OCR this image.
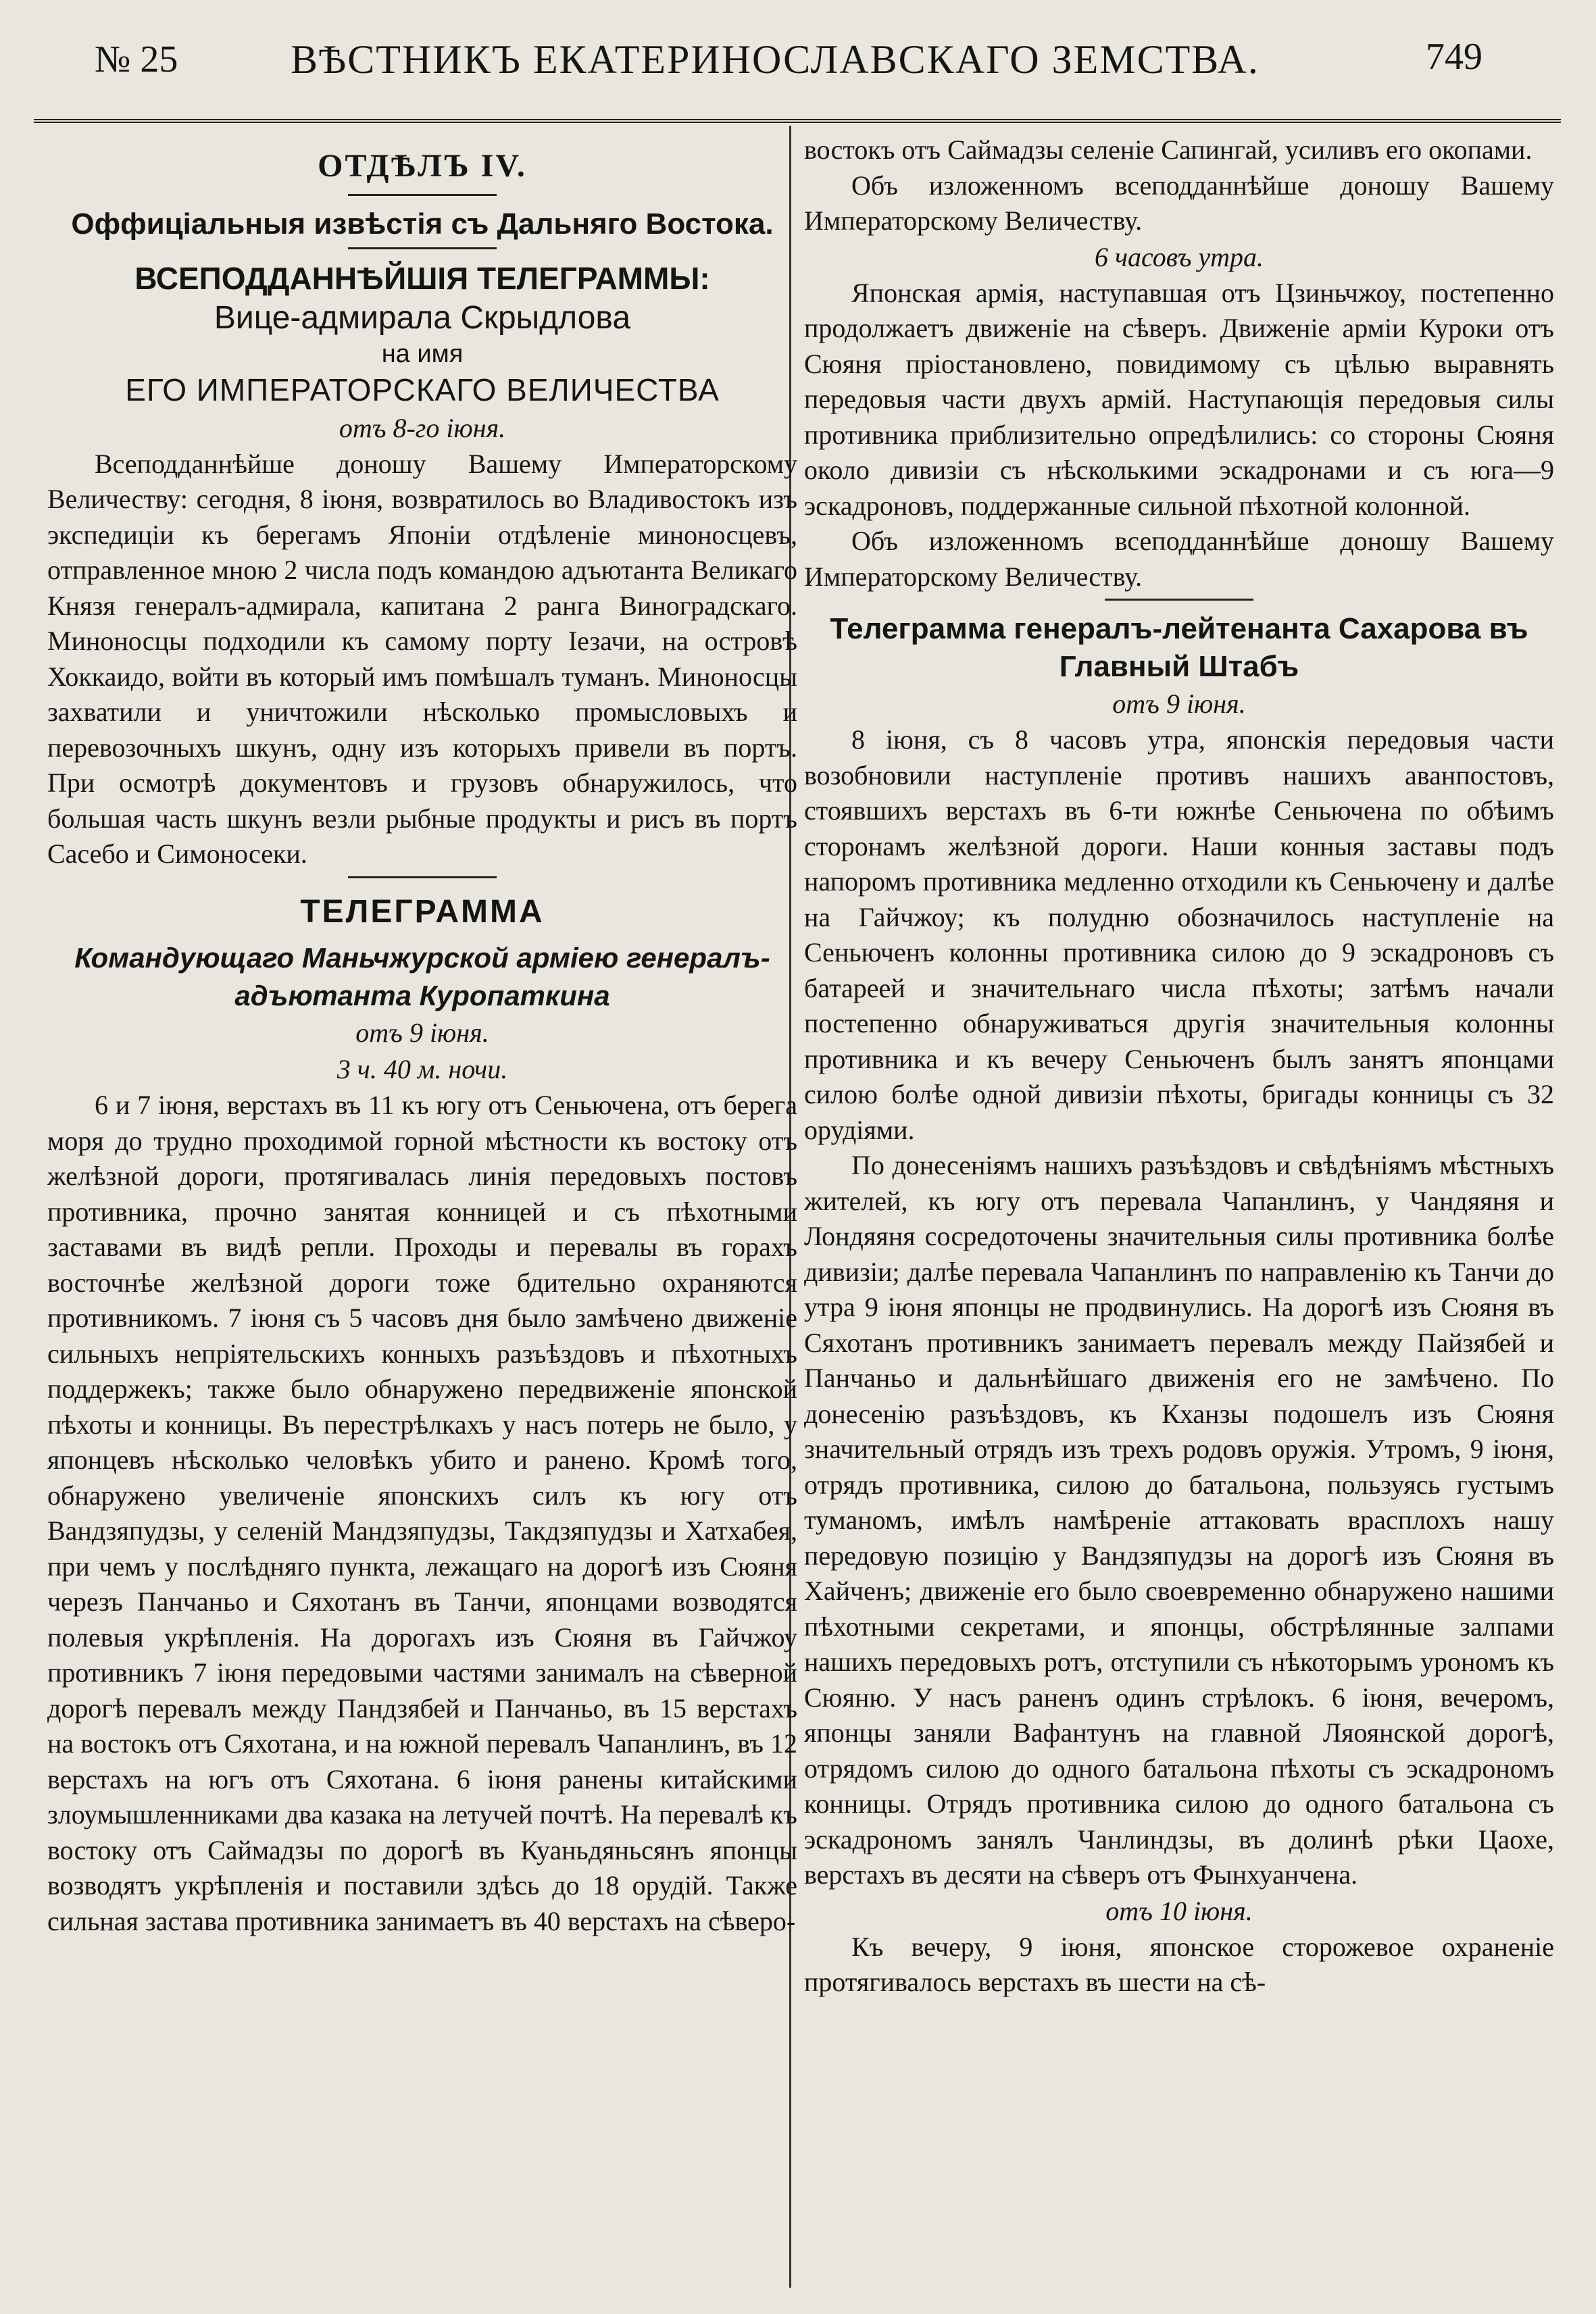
№ 25	ВѢСТНИКЪ ЕКАТЕРИНОСЛАВСКАГО ЗЕМСТВА.	749

ОТДѢЛЪ IV.

Оффиціальныя извѣстія съ Дальняго Востока.

ВСЕПОДДАННѢЙШІЯ ТЕЛЕГРАММЫ:

Вице-адмирала Скрыдлова

на имя

ЕГО ИМПЕРАТОРСКАГО ВЕЛИЧЕСТВА

отъ 8-го іюня.

Всеподданнѣйше доношу Вашему Императорскому Величеству: сегодня, 8 іюня, возвратилось во Владивостокъ изъ экспедиціи къ берегамъ Японіи отдѣленіе миноносцевъ, отправленное мною 2 числа подъ командою адъютанта Великаго Князя генералъ-адмирала, капитана 2 ранга Виноградскаго. Миноносцы подходили къ самому порту Іезачи, на островѣ Хоккаидо, войти въ который имъ помѣшалъ туманъ. Миноносцы захватили и уничтожили нѣсколько промысловыхъ и перевозочныхъ шкунъ, одну изъ которыхъ привели въ портъ. При осмотрѣ документовъ и грузовъ обнаружилось, что большая часть шкунъ везли рыбные продукты и рисъ въ портъ Сасебо и Симоносеки.

ТЕЛЕГРАММА

Командующаго Маньчжурской арміею генералъ-

адъютанта Куропаткина

отъ 9 іюня.

3 ч. 40 м. ночи.

6 и 7 іюня, верстахъ въ 11 къ югу отъ Сеньючена, отъ берега моря до трудно проходимой горной мѣстности къ востоку отъ желѣзной дороги, протягивалась линія передовыхъ постовъ противника, прочно занятая конницей и съ пѣхотными заставами въ видѣ репли. Проходы и перевалы въ горахъ восточнѣе желѣзной дороги тоже бдительно охраняются противникомъ. 7 іюня съ 5 часовъ дня было замѣчено движеніе сильныхъ непріятельскихъ конныхъ разъѣздовъ и пѣхотныхъ поддержекъ; также было обнаружено передвиженіе японской пѣхоты и конницы. Въ перестрѣлкахъ у насъ потерь не было, у японцевъ нѣсколько человѣкъ убито и ранено. Кромѣ того, обнаружено увеличеніе японскихъ силъ къ югу отъ Вандзяпудзы, у селеній Мандзяпудзы, Такдзяпудзы и Хатхабея, при чемъ у послѣдняго пункта, лежащаго на дорогѣ изъ Сюяня черезъ Панчаньо и Сяхотанъ въ Танчи, японцами возводятся полевыя укрѣпленія. На дорогахъ изъ Сюяня въ Гайчжоу противникъ 7 іюня передовыми частями занималъ на сѣверной дорогѣ перевалъ между Пандзябей и Панчаньо, въ 15 верстахъ на востокъ отъ Сяхотана, и на южной перевалъ Чапанлинъ, въ 12 верстахъ на югъ отъ Сяхотана. 6 іюня ранены китайскими злоумышленниками два казака на летучей почтѣ. На перевалѣ къ востоку отъ Саймадзы по дорогѣ въ Куаньдяньсянъ японцы возводятъ укрѣпленія и поставили здѣсь до 18 орудій. Также сильная застава противника занимаетъ въ 40 верстахъ на сѣверо-

востокъ отъ Саймадзы селеніе Сапингай, усиливъ его окопами.

Объ изложенномъ всеподданнѣйше доношу Вашему Императорскому Величеству.

6 часовъ утра.

Японская армія, наступавшая отъ Цзиньчжоу, постепенно продолжаетъ движеніе на сѣверъ. Движеніе арміи Куроки отъ Сюяня пріостановлено, повидимому съ цѣлью выравнять передовыя части двухъ армій. Наступающія передовыя силы противника приблизительно опредѣлились: со стороны Сюяня около дивизіи съ нѣсколькими эскадронами и съ юга—9 эскадроновъ, поддержанные сильной пѣхотной колонной.

Объ изложенномъ всеподданнѣйше доношу Вашему Императорскому Величеству.

Телеграмма генералъ-лейтенанта Сахарова въ

Главный Штабъ

отъ 9 іюня.

8 іюня, съ 8 часовъ утра, японскія передовыя части возобновили наступленіе противъ нашихъ аванпостовъ, стоявшихъ верстахъ въ 6-ти южнѣе Сеньючена по обѣимъ сторонамъ желѣзной дороги. Наши конныя заставы подъ напоромъ противника медленно отходили къ Сеньючену и далѣе на Гайчжоу; къ полудню обозначилось наступленіе на Сеньюченъ колонны противника силою до 9 эскадроновъ съ батареей и значительнаго числа пѣхоты; затѣмъ начали постепенно обнаруживаться другія значительныя колонны противника и къ вечеру Сеньюченъ былъ занятъ японцами силою болѣе одной дивизіи пѣхоты, бригады конницы съ 32 орудіями.

По донесеніямъ нашихъ разъѣздовъ и свѣдѣніямъ мѣстныхъ жителей, къ югу отъ перевала Чапанлинъ, у Чандяяня и Лондяяня сосредоточены значительныя силы противника болѣе дивизіи; далѣе перевала Чапанлинъ по направленію къ Танчи до утра 9 іюня японцы не продвинулись. На дорогѣ изъ Сюяня въ Сяхотанъ противникъ занимаетъ перевалъ между Пайзябей и Панчаньо и дальнѣйшаго движенія его не замѣчено. По донесенію разъѣздовъ, къ Кханзы подошелъ изъ Сюяня значительный отрядъ изъ трехъ родовъ оружія. Утромъ, 9 іюня, отрядъ противника, силою до батальона, пользуясь густымъ туманомъ, имѣлъ намѣреніе аттаковать врасплохъ нашу передовую позицію у Вандзяпудзы на дорогѣ изъ Сюяня въ Хайченъ; движеніе его было своевременно обнаружено нашими пѣхотными секретами, и японцы, обстрѣлянные залпами нашихъ передовыхъ ротъ, отступили съ нѣкоторымъ урономъ къ Сюяню. У насъ раненъ одинъ стрѣлокъ. 6 іюня, вечеромъ, японцы заняли Вафантунъ на главной Ляоянской дорогѣ, отрядомъ силою до одного батальона пѣхоты съ эскадрономъ конницы. Отрядъ противника силою до одного батальона съ эскадрономъ занялъ Чанлиндзы, въ долинѣ рѣки Цаохе, верстахъ въ десяти на сѣверъ отъ Фынхуанчена.

отъ 10 іюня.

Къ вечеру, 9 іюня, японское сторожевое охраненіе протягивалось верстахъ въ шести на сѣ-
